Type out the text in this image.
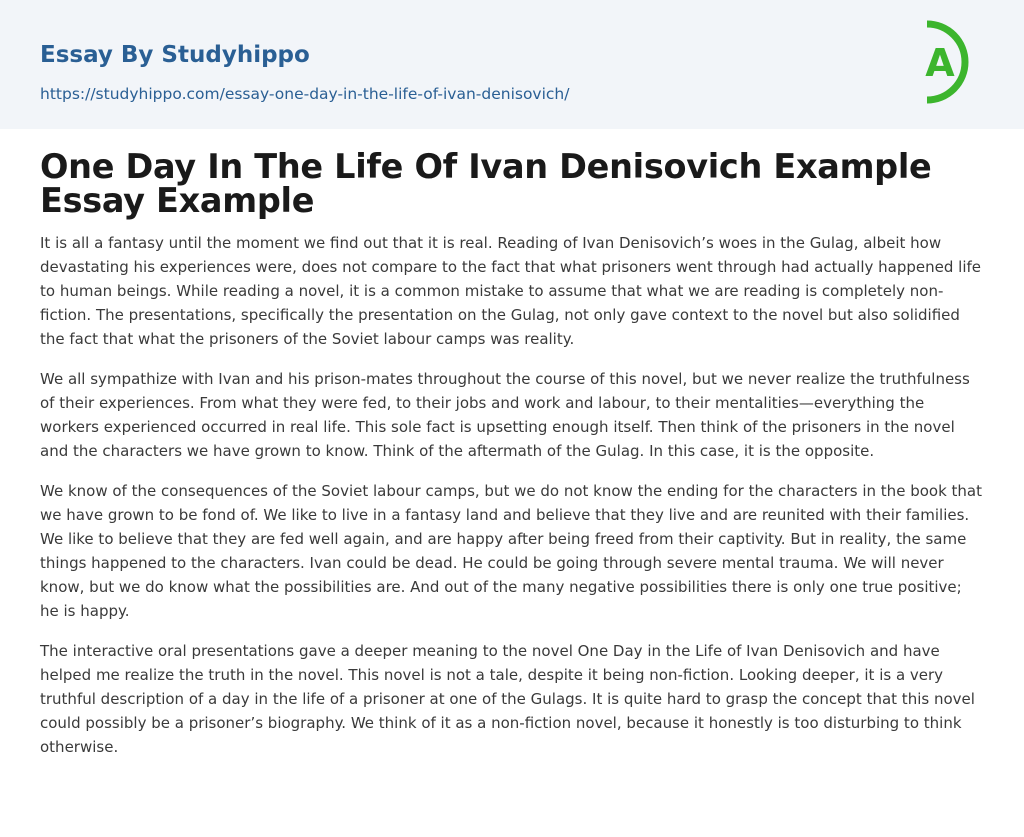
Essay By Studyhippo
https://studyhippo.com/essay-one-day-in-the-life-of-ivan-denisovich/
A
One Day In The Life Of Ivan Denisovich Example Essay Example

It is all a fantasy until the moment we find out that it is real. Reading of Ivan Denisovich’s woes in the Gulag, albeit how devastating his experiences were, does not compare to the fact that what prisoners went through had actually happened life to human beings. While reading a novel, it is a common mistake to assume that what we are reading is completely non-fiction. The presentations, specifically the presentation on the Gulag, not only gave context to the novel but also solidified the fact that what the prisoners of the Soviet labour camps was reality.

We all sympathize with Ivan and his prison-mates throughout the course of this novel, but we never realize the truthfulness of their experiences. From what they were fed, to their jobs and work and labour, to their mentalities—everything the workers experienced occurred in real life. This sole fact is upsetting enough itself. Then think of the prisoners in the novel and the characters we have grown to know. Think of the aftermath of the Gulag. In this case, it is the opposite.

We know of the consequences of the Soviet labour camps, but we do not know the ending for the characters in the book that we have grown to be fond of. We like to live in a fantasy land and believe that they live and are reunited with their families. We like to believe that they are fed well again, and are happy after being freed from their captivity. But in reality, the same things happened to the characters. Ivan could be dead. He could be going through severe mental trauma. We will never know, but we do know what the possibilities are. And out of the many negative possibilities there is only one true positive; he is happy.

The interactive oral presentations gave a deeper meaning to the novel One Day in the Life of Ivan Denisovich and have helped me realize the truth in the novel. This novel is not a tale, despite it being non-fiction. Looking deeper, it is a very truthful description of a day in the life of a prisoner at one of the Gulags. It is quite hard to grasp the concept that this novel could possibly be a prisoner’s biography. We think of it as a non-fiction novel, because it honestly is too disturbing to think otherwise.
